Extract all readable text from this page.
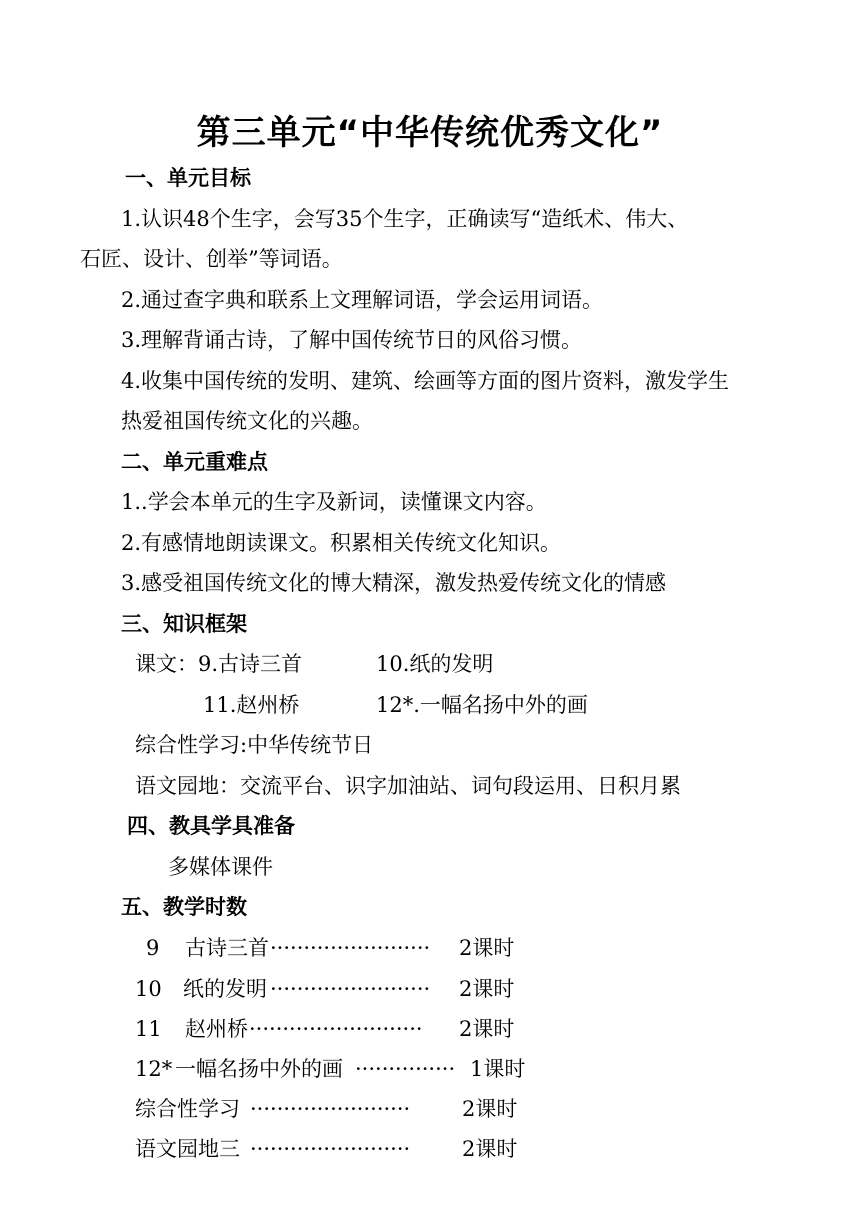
第三单元“中华传统优秀文化”
一、单元目标
1.认识48个生字，会写35个生字，正确读写“造纸术、伟大、
石匠、设计、创举”等词语。
2.通过查字典和联系上文理解词语，学会运用词语。
3.理解背诵古诗，了解中国传统节日的风俗习惯。
4.收集中国传统的发明、建筑、绘画等方面的图片资料，激发学生
热爱祖国传统文化的兴趣。
二、单元重难点
1..学会本单元的生字及新词，读懂课文内容。
2.有感情地朗读课文。积累相关传统文化知识。
3.感受祖国传统文化的博大精深，激发热爱传统文化的情感
三、知识框架
课文：9.古诗三首	10.纸的发明
11.赵州桥	12*.一幅名扬中外的画
综合性学习:中华传统节日
语文园地：交流平台、识字加油站、词句段运用、日积月累
四、教具学具准备
多媒体课件
五、教学时数
9 古诗三首 ························ 2课时
10 纸的发明 ························ 2课时
11 赵州桥 ·························· 2课时
12* 一幅名扬中外的画 ··············· 1课时
综合性学习 ························ 2课时
语文园地三 ························ 2课时
